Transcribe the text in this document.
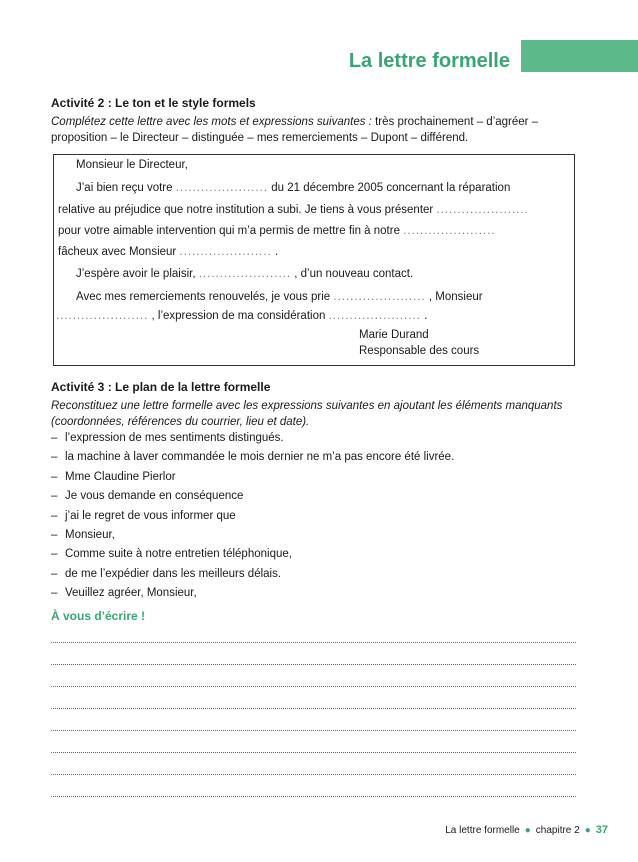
La lettre formelle
Activité 2 : Le ton et le style formels
Complétez cette lettre avec les mots et expressions suivantes : très prochainement – d’agréer –
proposition – le Directeur – distinguée – mes remerciements – Dupont – différend.
Monsieur le Directeur,
J’ai bien reçu votre ...................... du 21 décembre 2005 concernant la réparation
relative au préjudice que notre institution a subi. Je tiens à vous présenter ......................
pour votre aimable intervention qui m’a permis de mettre fin à notre ......................
fâcheux avec Monsieur ...................... .
J’espère avoir le plaisir, ...................... , d’un nouveau contact.
Avec mes remerciements renouvelés, je vous prie ...................... , Monsieur
...................... , l’expression de ma considération ...................... .
Marie Durand
Responsable des cours
Activité 3 : Le plan de la lettre formelle
Reconstituez une lettre formelle avec les expressions suivantes en ajoutant les éléments manquants
(coordonnées, références du courrier, lieu et date).
– l’expression de mes sentiments distingués.
– la machine à laver commandée le mois dernier ne m’a pas encore été livrée.
– Mme Claudine Pierlor
– Je vous demande en conséquence
– j’ai le regret de vous informer que
– Monsieur,
– Comme suite à notre entretien téléphonique,
– de me l’expédier dans les meilleurs délais.
– Veuillez agréer, Monsieur,
À vous d’écrire !
La lettre formelle ● chapitre 2 ● 37
